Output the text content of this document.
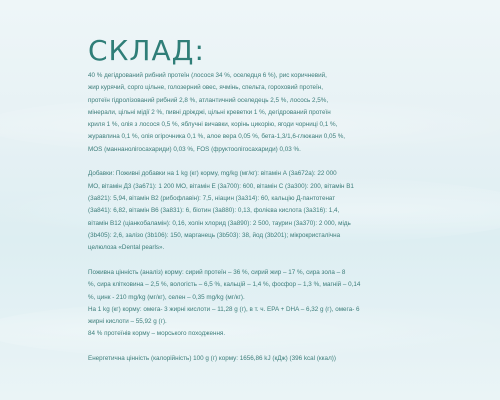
СКЛАД:

40 % дегідрований рибний протеїн (лосося 34 %, оселедця 6 %), рис коричневий,
жир курячий, сорго цільне, голозерний овес, ячмінь, спельта, гороховий протеїн,
протеїн гідролізований рибний 2,8 %, атлантичний оселедець 2,5 %, лосось 2,5%,
мінерали, цільні мідії 2 %, пивні дріжджі, цільні креветки 1 %, дегідрований протеїн
криля 1 %, олія з лосося 0,5 %, яблучні вичавки, корінь цикорію, ягоди чорниці 0,1 %,
журавлина 0,1 %, олія огірочника 0,1 %, алое вера 0,05 %, бета-1,3/1,6-глюкани 0,05 %,
MOS (маннанолігосахариди) 0,03 %, FOS (фруктоолігосахариди) 0,03 %.

Добавки: Поживні добавки на 1 kg (кг) корму, mg/kg (мг/кг): вітамін А (3а672а): 22 000
МО, вітамін Д3 (3а671): 1 200 МО, вітамін Е (3а700): 600, вітамін С (3а300): 200, вітамін В1
(3а821): 5,94, вітамін В2 (рибофлавін): 7,5, ніацин (3а314): 60, кальцію Д-пантотенат
(3а841): 6,82, вітамін В6 (3а831): 6, біотин (3а880): 0,13, фолієва кислота (3а316): 1,4,
вітамін В12 (ціанкобаламін): 0,16, холін хлорид (3а890): 2 500, таурин (3а370): 2 000, мідь
(3b405): 2,6, залізо (3b106): 150, марганець (3b503): 38, йод (3b201); мікрокристалічна
целюлоза «Dental pearls».

Поживна цінність (аналіз) корму: сирий протеїн – 36 %, сирий жир – 17 %, сира зола – 8
%, сира клітковина – 2,5 %, вологість – 6,5 %, кальцій – 1,4 %, фосфор – 1,3 %, магній – 0,14
%, цинк - 210 mg/kg (мг/кг), селен – 0,35 mg/kg (мг/кг).
На 1 kg (кг) корму: омега- 3 жирні кислоти – 11,28 g (г), в т. ч. EPA + DHA – 6,32 g (г), омега- 6
жирні кислоти – 55,92 g (г).
84 % протеїнів корму – морського походження.

Енергетична цінність (калорійність) 100 g (г) корму: 1656,86 kJ (кДж) (396 kcal (ккал))
